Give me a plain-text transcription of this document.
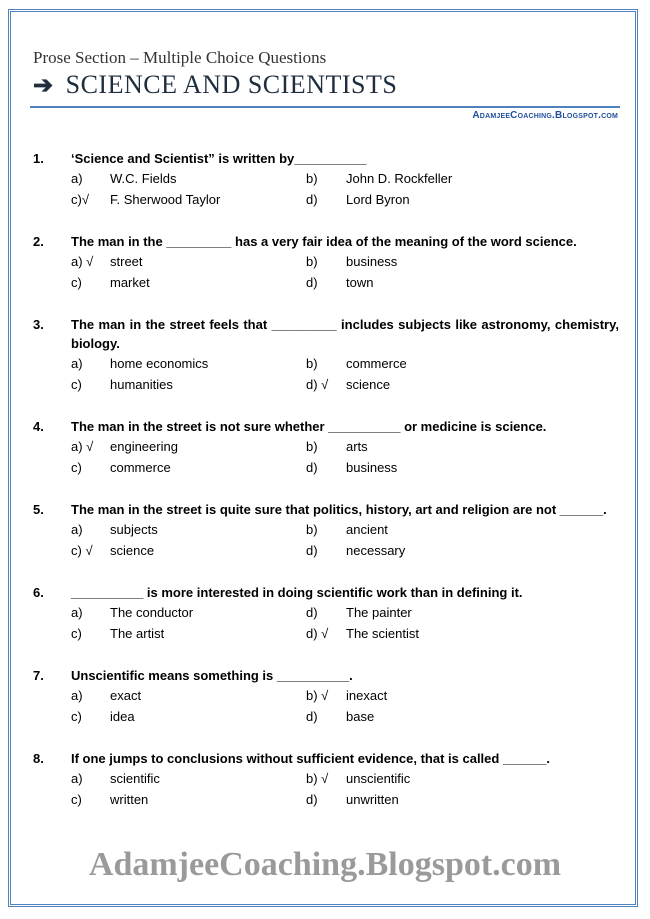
Prose Section – Multiple Choice Questions
➔ SCIENCE AND SCIENTISTS
AdamjeeCoaching.Blogspot.com
1.	‘Science and Scientist” is written by__________
a)	W.C. Fields	b)	John D. Rockfeller
c)√	F. Sherwood Taylor	d)	Lord Byron
2.	The man in the _________ has a very fair idea of the meaning of the word science.
a) √	street	b)	business
c)	market	d)	town
3.	The man in the street feels that _________ includes subjects like astronomy, chemistry, biology.
a)	home economics	b)	commerce
c)	humanities	d) √	science
4.	The man in the street is not sure whether __________ or medicine is science.
a) √	engineering	b)	arts
c)	commerce	d)	business
5.	The man in the street is quite sure that politics, history, art and religion are not ______.
a)	subjects	b)	ancient
c) √	science	d)	necessary
6.	__________ is more interested in doing scientific work than in defining it.
a)	The conductor	d)	The painter
c)	The artist	d) √	The scientist
7.	Unscientific means something is __________.
a)	exact	b) √	inexact
c)	idea	d)	base
8.	If one jumps to conclusions without sufficient evidence, that is called ______.
a)	scientific	b) √	unscientific
c)	written	d)	unwritten
AdamjeeCoaching.Blogspot.com
